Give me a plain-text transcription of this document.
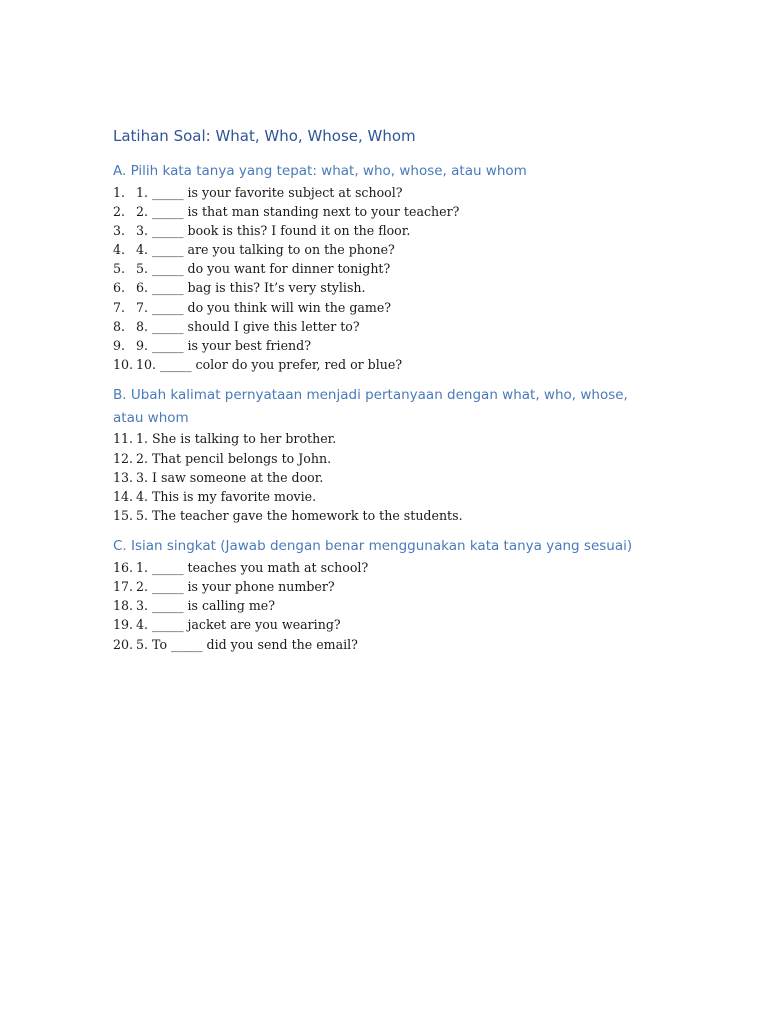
Latihan Soal: What, Who, Whose, Whom
A. Pilih kata tanya yang tepat: what, who, whose, atau whom
1. 1. _____ is your favorite subject at school?
2. 2. _____ is that man standing next to your teacher?
3. 3. _____ book is this? I found it on the floor.
4. 4. _____ are you talking to on the phone?
5. 5. _____ do you want for dinner tonight?
6. 6. _____ bag is this? It’s very stylish.
7. 7. _____ do you think will win the game?
8. 8. _____ should I give this letter to?
9. 9. _____ is your best friend?
10. 10. _____ color do you prefer, red or blue?
B. Ubah kalimat pernyataan menjadi pertanyaan dengan what, who, whose,
atau whom
11. 1. She is talking to her brother.
12. 2. That pencil belongs to John.
13. 3. I saw someone at the door.
14. 4. This is my favorite movie.
15. 5. The teacher gave the homework to the students.
C. Isian singkat (Jawab dengan benar menggunakan kata tanya yang sesuai)
16. 1. _____ teaches you math at school?
17. 2. _____ is your phone number?
18. 3. _____ is calling me?
19. 4. _____ jacket are you wearing?
20. 5. To _____ did you send the email?
